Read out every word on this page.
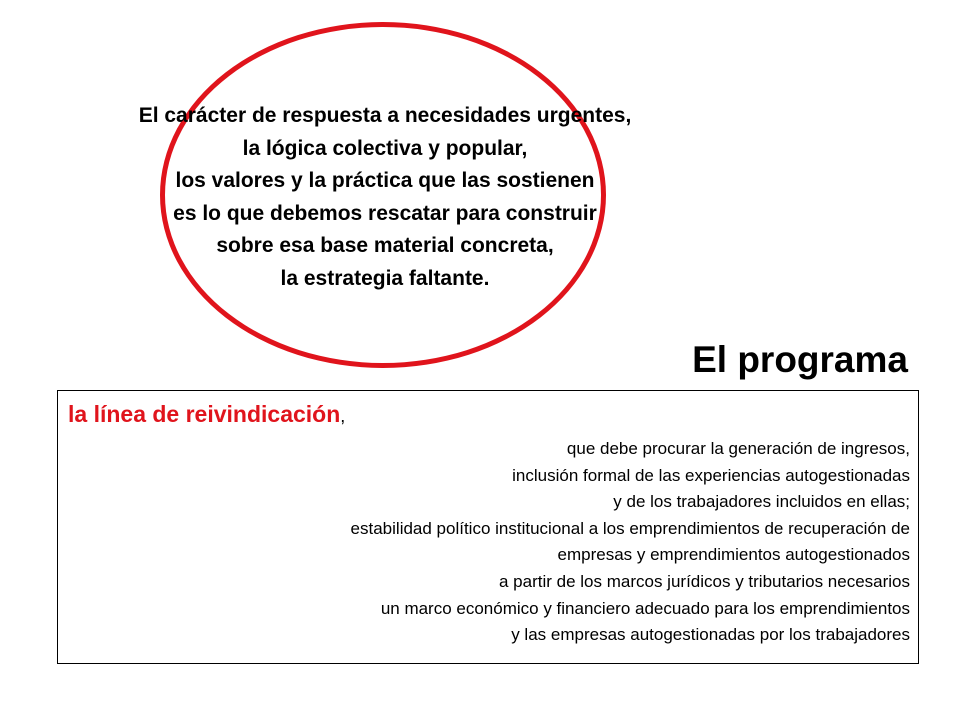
El carácter de respuesta a necesidades urgentes,
la lógica colectiva y popular,
los valores y la práctica que las sostienen
es lo que debemos rescatar para construir
sobre esa base material concreta,
la estrategia faltante.
El programa
la línea de reivindicación,
que debe procurar la generación de ingresos,
inclusión formal de las experiencias autogestionadas
y de los trabajadores incluidos en ellas;
estabilidad político institucional a los emprendimientos de recuperación de
empresas y emprendimientos autogestionados
a partir de los marcos jurídicos y tributarios necesarios
un marco económico y financiero adecuado para los emprendimientos
y las empresas autogestionadas por los trabajadores
